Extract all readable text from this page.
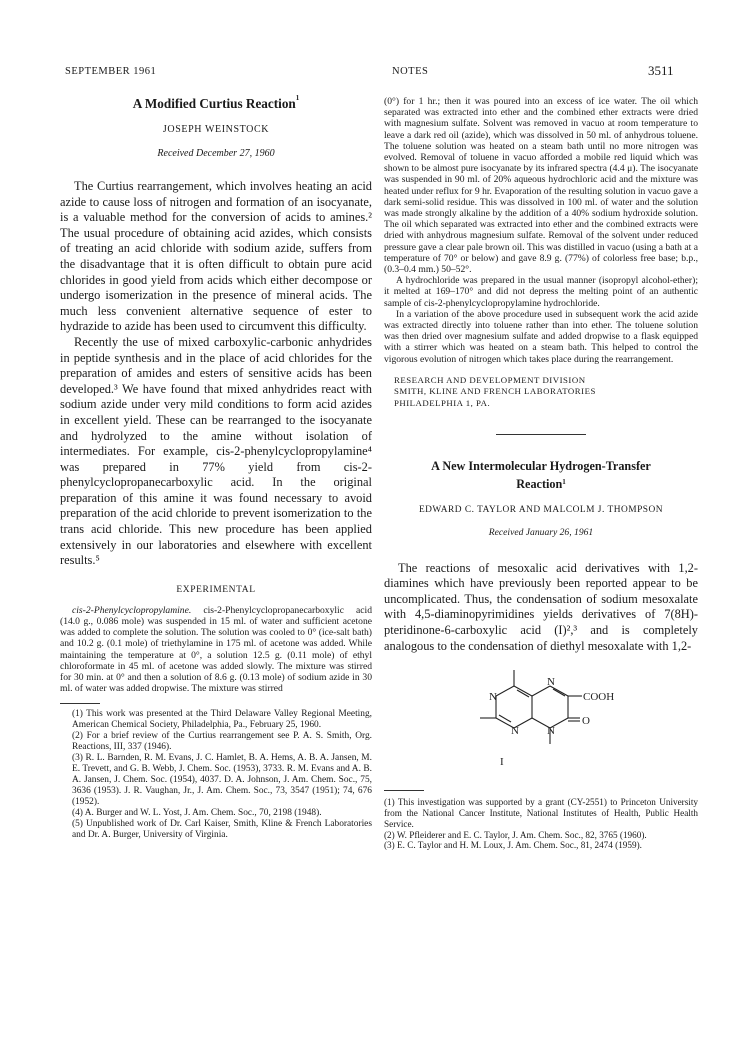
SEPTEMBER 1961	NOTES	3511
A Modified Curtius Reaction$^1$
JOSEPH WEINSTOCK
Received December 27, 1960

The Curtius rearrangement, which involves heating an acid azide to cause loss of nitrogen and formation of an isocyanate, is a valuable method for the conversion of acids to amines.² The usual procedure of obtaining acid azides, which consists of treating an acid chloride with sodium azide, suffers from the disadvantage that it is often difficult to obtain pure acid chlorides in good yield from acids which either decompose or undergo isomerization in the presence of mineral acids. The much less convenient alternative sequence of ester to hydrazide to azide has been used to circumvent this difficulty.

Recently the use of mixed carboxylic-carbonic anhydrides in peptide synthesis and in the place of acid chlorides for the preparation of amides and esters of sensitive acids has been developed.³ We have found that mixed anhydrides react with sodium azide under very mild conditions to form acid azides in excellent yield. These can be rearranged to the isocyanate and hydrolyzed to the amine without isolation of intermediates. For example, cis-2-phenylcyclopropylamine⁴ was prepared in 77% yield from cis-2-phenylcyclopropanecarboxylic acid. In the original preparation of this amine it was found necessary to avoid preparation of the acid chloride to prevent isomerization to the trans acid chloride. This new procedure has been applied extensively in our laboratories and elsewhere with excellent results.⁵

EXPERIMENTAL

cis-2-Phenylcyclopropylamine. cis-2-Phenylcyclopropanecarboxylic acid (14.0 g., 0.086 mole) was suspended in 15 ml. of water and sufficient acetone was added to complete the solution. The solution was cooled to 0° (ice-salt bath) and 10.2 g. (0.1 mole) of triethylamine in 175 ml. of acetone was added. While maintaining the temperature at 0°, a solution 12.5 g. (0.11 mole) of ethyl chloroformate in 45 ml. of acetone was added slowly. The mixture was stirred for 30 min. at 0° and then a solution of 8.6 g. (0.13 mole) of sodium azide in 30 ml. of water was added dropwise. The mixture was stirred

(1) This work was presented at the Third Delaware Valley Regional Meeting, American Chemical Society, Philadelphia, Pa., February 25, 1960.

(2) For a brief review of the Curtius rearrangement see P. A. S. Smith, Org. Reactions, III, 337 (1946).

(3) R. L. Barnden, R. M. Evans, J. C. Hamlet, B. A. Hems, A. B. A. Jansen, M. E. Trevett, and G. B. Webb, J. Chem. Soc. (1953), 3733. R. M. Evans and A. B. A. Jansen, J. Chem. Soc. (1954), 4037. D. A. Johnson, J. Am. Chem. Soc., 75, 3636 (1953). J. R. Vaughan, Jr., J. Am. Chem. Soc., 73, 3547 (1951); 74, 676 (1952).

(4) A. Burger and W. L. Yost, J. Am. Chem. Soc., 70, 2198 (1948).

(5) Unpublished work of Dr. Carl Kaiser, Smith, Kline & French Laboratories and Dr. A. Burger, University of Virginia.

(0°) for 1 hr.; then it was poured into an excess of ice water. The oil which separated was extracted into ether and the combined ether extracts were dried with magnesium sulfate. Solvent was removed in vacuo at room temperature to leave a dark red oil (azide), which was dissolved in 50 ml. of anhydrous toluene. The toluene solution was heated on a steam bath until no more nitrogen was evolved. Removal of toluene in vacuo afforded a mobile red liquid which was shown to be almost pure isocyanate by its infrared spectra (4.4 μ). The isocyanate was suspended in 90 ml. of 20% aqueous hydrochloric acid and the mixture was heated under reflux for 9 hr. Evaporation of the resulting solution in vacuo gave a dark semi-solid residue. This was dissolved in 100 ml. of water and the solution was made strongly alkaline by the addition of a 40% sodium hydroxide solution. The oil which separated was extracted into ether and the combined extracts were dried with anhydrous magnesium sulfate. Removal of the solvent under reduced pressure gave a clear pale brown oil. This was distilled in vacuo (using a bath at a temperature of 70° or below) and gave 8.9 g. (77%) of colorless free base; b.p., (0.3–0.4 mm.) 50–52°.

A hydrochloride was prepared in the usual manner (isopropyl alcohol-ether); it melted at 169–170° and did not depress the melting point of an authentic sample of cis-2-phenylcyclopropylamine hydrochloride.

In a variation of the above procedure used in subsequent work the acid azide was extracted directly into toluene rather than into ether. The toluene solution was then dried over magnesium sulfate and added dropwise to a flask equipped with a stirrer which was heated on a steam bath. This helped to control the vigorous evolution of nitrogen which takes place during the rearrangement.

RESEARCH AND DEVELOPMENT DIVISION
SMITH, KLINE AND FRENCH LABORATORIES
PHILADELPHIA 1, PA.
A New Intermolecular Hydrogen-Transfer
Reaction$^1$
EDWARD C. TAYLOR AND MALCOLM J. THOMPSON
Received January 26, 1961

The reactions of mesoxalic acid derivatives with 1,2-diamines which have previously been reported appear to be uncomplicated. Thus, the condensation of sodium mesoxalate with 4,5-diaminopyrimidines yields derivatives of 7(8H)-pteridinone-6-carboxylic acid (I)²,³ and is completely analogous to the condensation of diethyl mesoxalate with 1,2-

N
N
N
N
COOH
O
I

(1) This investigation was supported by a grant (CY-2551) to Princeton University from the National Cancer Institute, National Institutes of Health, Public Health Service.

(2) W. Pfleiderer and E. C. Taylor, J. Am. Chem. Soc., 82, 3765 (1960).

(3) E. C. Taylor and H. M. Loux, J. Am. Chem. Soc., 81, 2474 (1959).
